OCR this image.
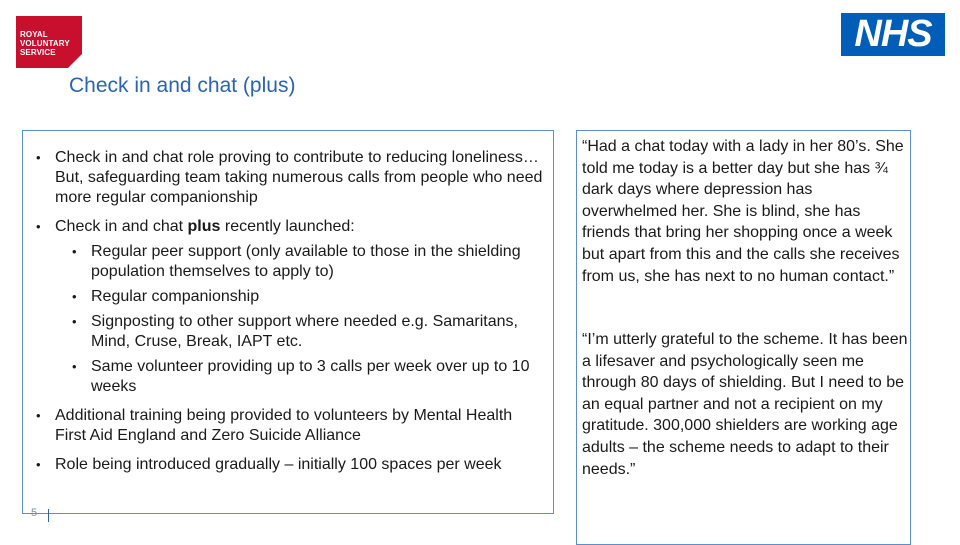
ROYAL
VOLUNTARY
SERVICE	NHS
Check in and chat (plus)

• Check in and chat role proving to contribute to reducing loneliness… But, safeguarding team taking numerous calls from people who need more regular companionship

• Check in and chat plus recently launched:
• Regular peer support (only available to those in the shielding population themselves to apply to)
• Regular companionship
• Signposting to other support where needed e.g. Samaritans, Mind, Cruse, Break, IAPT etc.
• Same volunteer providing up to 3 calls per week over up to 10 weeks

• Additional training being provided to volunteers by Mental Health First Aid England and Zero Suicide Alliance

• Role being introduced gradually – initially 100 spaces per week

5

“Had a chat today with a lady in her 80’s. She told me today is a better day but she has ¾ dark days where depression has overwhelmed her. She is blind, she has friends that bring her shopping once a week but apart from this and the calls she receives from us, she has next to no human contact.”

“I’m utterly grateful to the scheme. It has been a lifesaver and psychologically seen me through 80 days of shielding. But I need to be an equal partner and not a recipient on my gratitude. 300,000 shielders are working age adults – the scheme needs to adapt to their needs.”
